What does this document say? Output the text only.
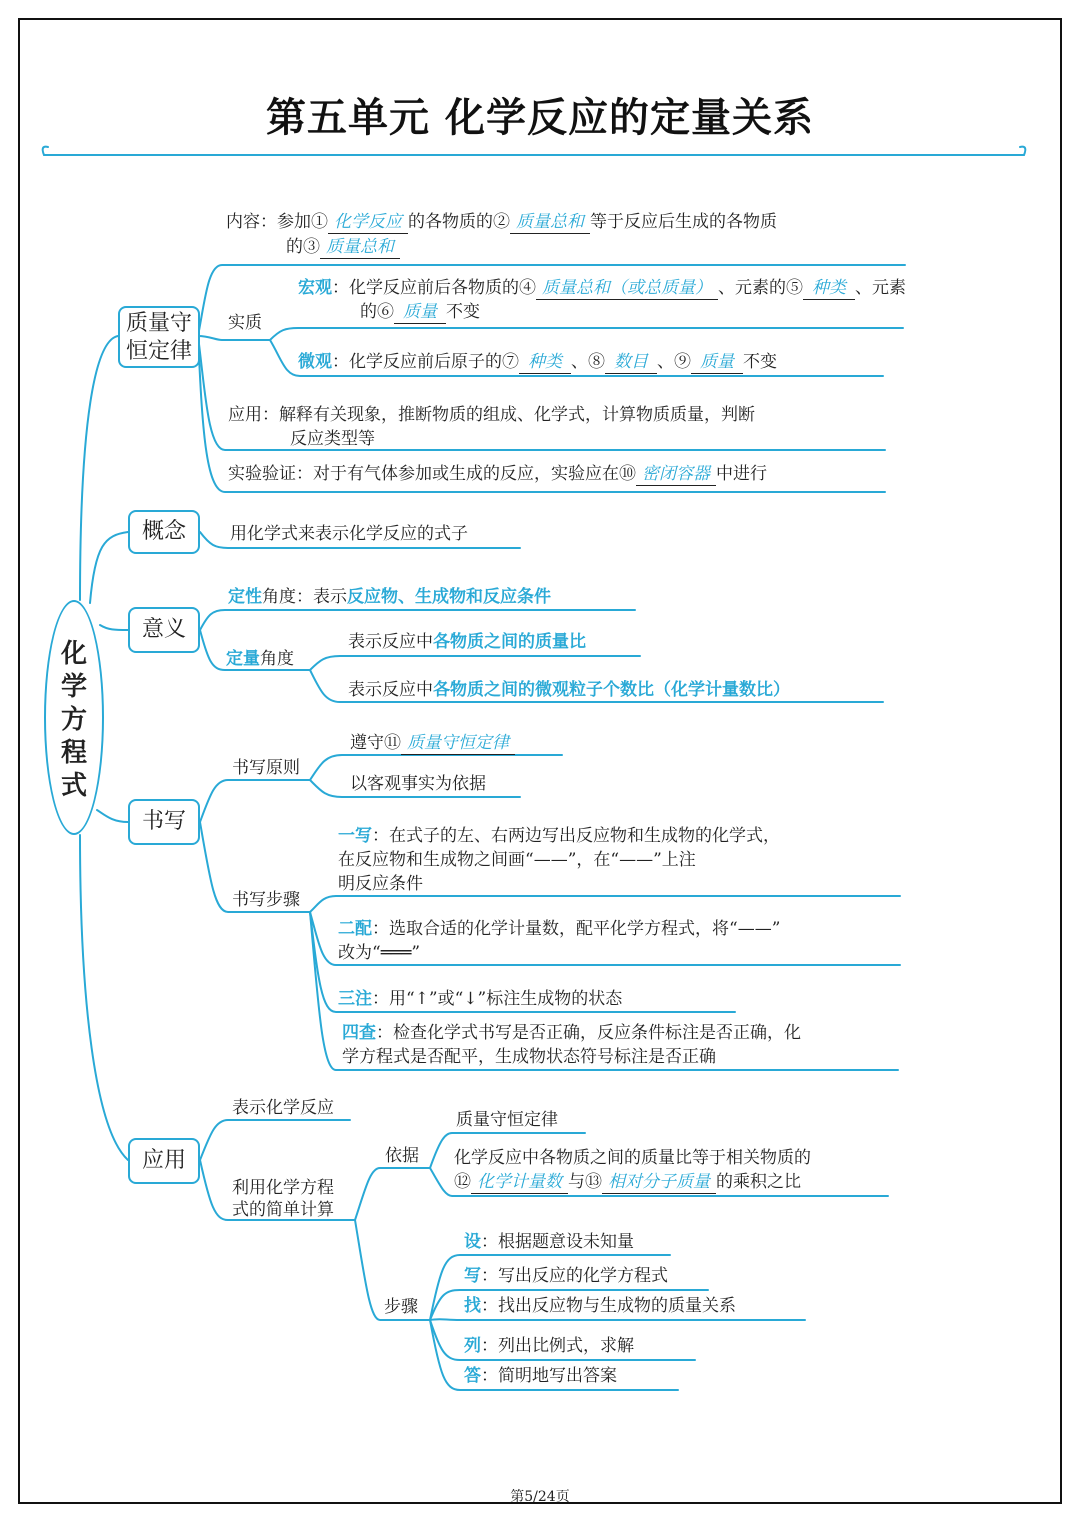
第五单元 化学反应的定量关系
化
学
方
程
式
质量守恒定律
概念
意义
书写
应用
内容：参加① 化学反应 的各物质的② 质量总和 等于反应后生成的各物质
的③ 质量总和
实质
宏观：化学反应前后各物质的④ 质量总和（或总质量） 、元素的⑤ 种类 、元素
的⑥ 质量 不变
微观：化学反应前后原子的⑦ 种类 、⑧ 数目 、⑨ 质量 不变
应用：解释有关现象，推断物质的组成、化学式，计算物质质量，判断
反应类型等
实验验证：对于有气体参加或生成的反应，实验应在⑩ 密闭容器 中进行
用化学式来表示化学反应的式子
定性角度：表示反应物、生成物和反应条件
定量角度
表示反应中各物质之间的质量比
表示反应中各物质之间的微观粒子个数比（化学计量数比）
书写原则
遵守⑪ 质量守恒定律
以客观事实为依据
书写步骤
一写：在式子的左、右两边写出反应物和生成物的化学式，
在反应物和生成物之间画“——”，在“——”上注
明反应条件
二配：选取合适的化学计量数，配平化学方程式，将“——”
改为“═══”
三注：用“↑”或“↓”标注生成物的状态
四查：检查化学式书写是否正确，反应条件标注是否正确，化
学方程式是否配平，生成物状态符号标注是否正确
表示化学反应
利用化学方程
式的简单计算
依据
质量守恒定律
化学反应中各物质之间的质量比等于相关物质的
⑫ 化学计量数 与⑬ 相对分子质量 的乘积之比
步骤
设：根据题意设未知量
写：写出反应的化学方程式
找：找出反应物与生成物的质量关系
列：列出比例式，求解
答：简明地写出答案
第5/24页
